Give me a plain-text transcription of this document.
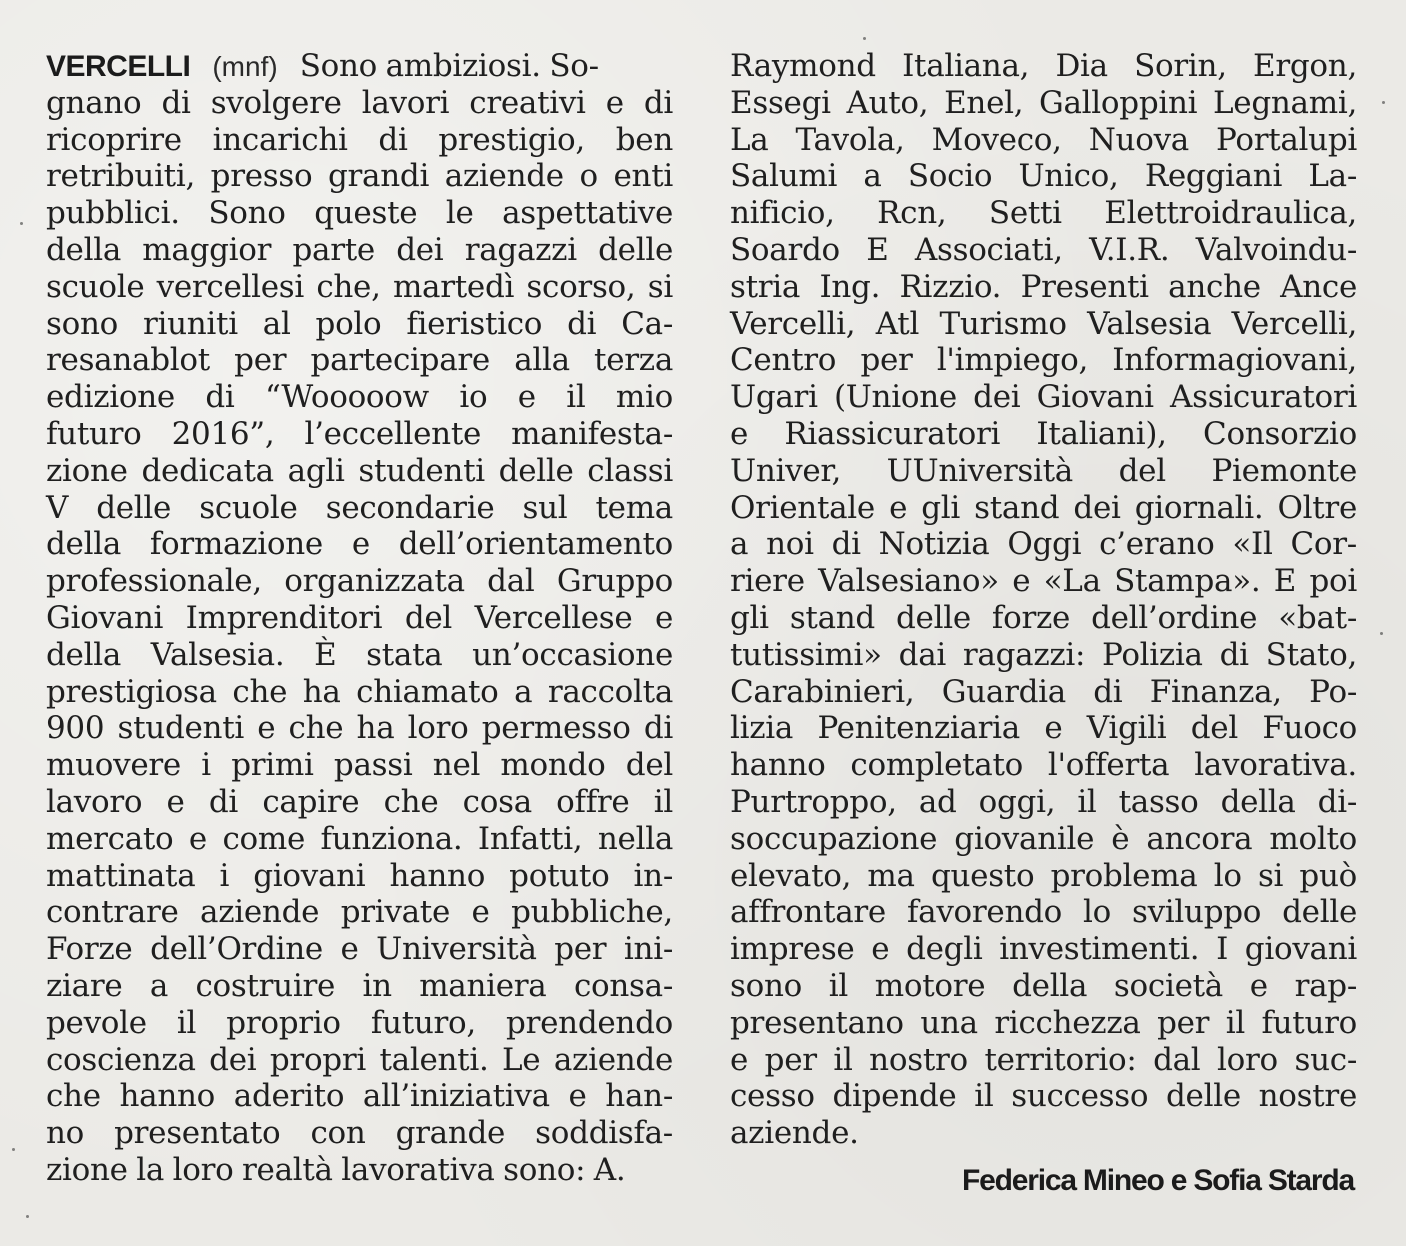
VERCELLI (mnf) Sono ambiziosi. So-
gnano di svolgere lavori creativi e di
ricoprire incarichi di prestigio, ben
retribuiti, presso grandi aziende o enti
pubblici. Sono queste le aspettative
della maggior parte dei ragazzi delle
scuole vercellesi che, martedì scorso, si
sono riuniti al polo fieristico di Ca-
resanablot per partecipare alla terza
edizione di “Wooooow io e il mio
futuro 2016”, l’eccellente manifesta-
zione dedicata agli studenti delle classi
V delle scuole secondarie sul tema
della formazione e dell’orientamento
professionale, organizzata dal Gruppo
Giovani Imprenditori del Vercellese e
della Valsesia. È stata un’occasione
prestigiosa che ha chiamato a raccolta
900 studenti e che ha loro permesso di
muovere i primi passi nel mondo del
lavoro e di capire che cosa offre il
mercato e come funziona. Infatti, nella
mattinata i giovani hanno potuto in-
contrare aziende private e pubbliche,
Forze dell’Ordine e Università per ini-
ziare a costruire in maniera consa-
pevole il proprio futuro, prendendo
coscienza dei propri talenti. Le aziende
che hanno aderito all’iniziativa e han-
no presentato con grande soddisfa-
zione la loro realtà lavorativa sono: A.
Raymond Italiana, Dia Sorin, Ergon,
Essegi Auto, Enel, Galloppini Legnami,
La Tavola, Moveco, Nuova Portalupi
Salumi a Socio Unico, Reggiani La-
nificio, Rcn, Setti Elettroidraulica,
Soardo E Associati, V.I.R. Valvoindu-
stria Ing. Rizzio. Presenti anche Ance
Vercelli, Atl Turismo Valsesia Vercelli,
Centro per l'impiego, Informagiovani,
Ugari (Unione dei Giovani Assicuratori
e Riassicuratori Italiani), Consorzio
Univer, UUniversità del Piemonte
Orientale e gli stand dei giornali. Oltre
a noi di Notizia Oggi c’erano «Il Cor-
riere Valsesiano» e «La Stampa». E poi
gli stand delle forze dell’ordine «bat-
tutissimi» dai ragazzi: Polizia di Stato,
Carabinieri, Guardia di Finanza, Po-
lizia Penitenziaria e Vigili del Fuoco
hanno completato l'offerta lavorativa.
Purtroppo, ad oggi, il tasso della di-
soccupazione giovanile è ancora molto
elevato, ma questo problema lo si può
affrontare favorendo lo sviluppo delle
imprese e degli investimenti. I giovani
sono il motore della società e rap-
presentano una ricchezza per il futuro
e per il nostro territorio: dal loro suc-
cesso dipende il successo delle nostre
aziende.
Federica Mineo e Sofia Starda
